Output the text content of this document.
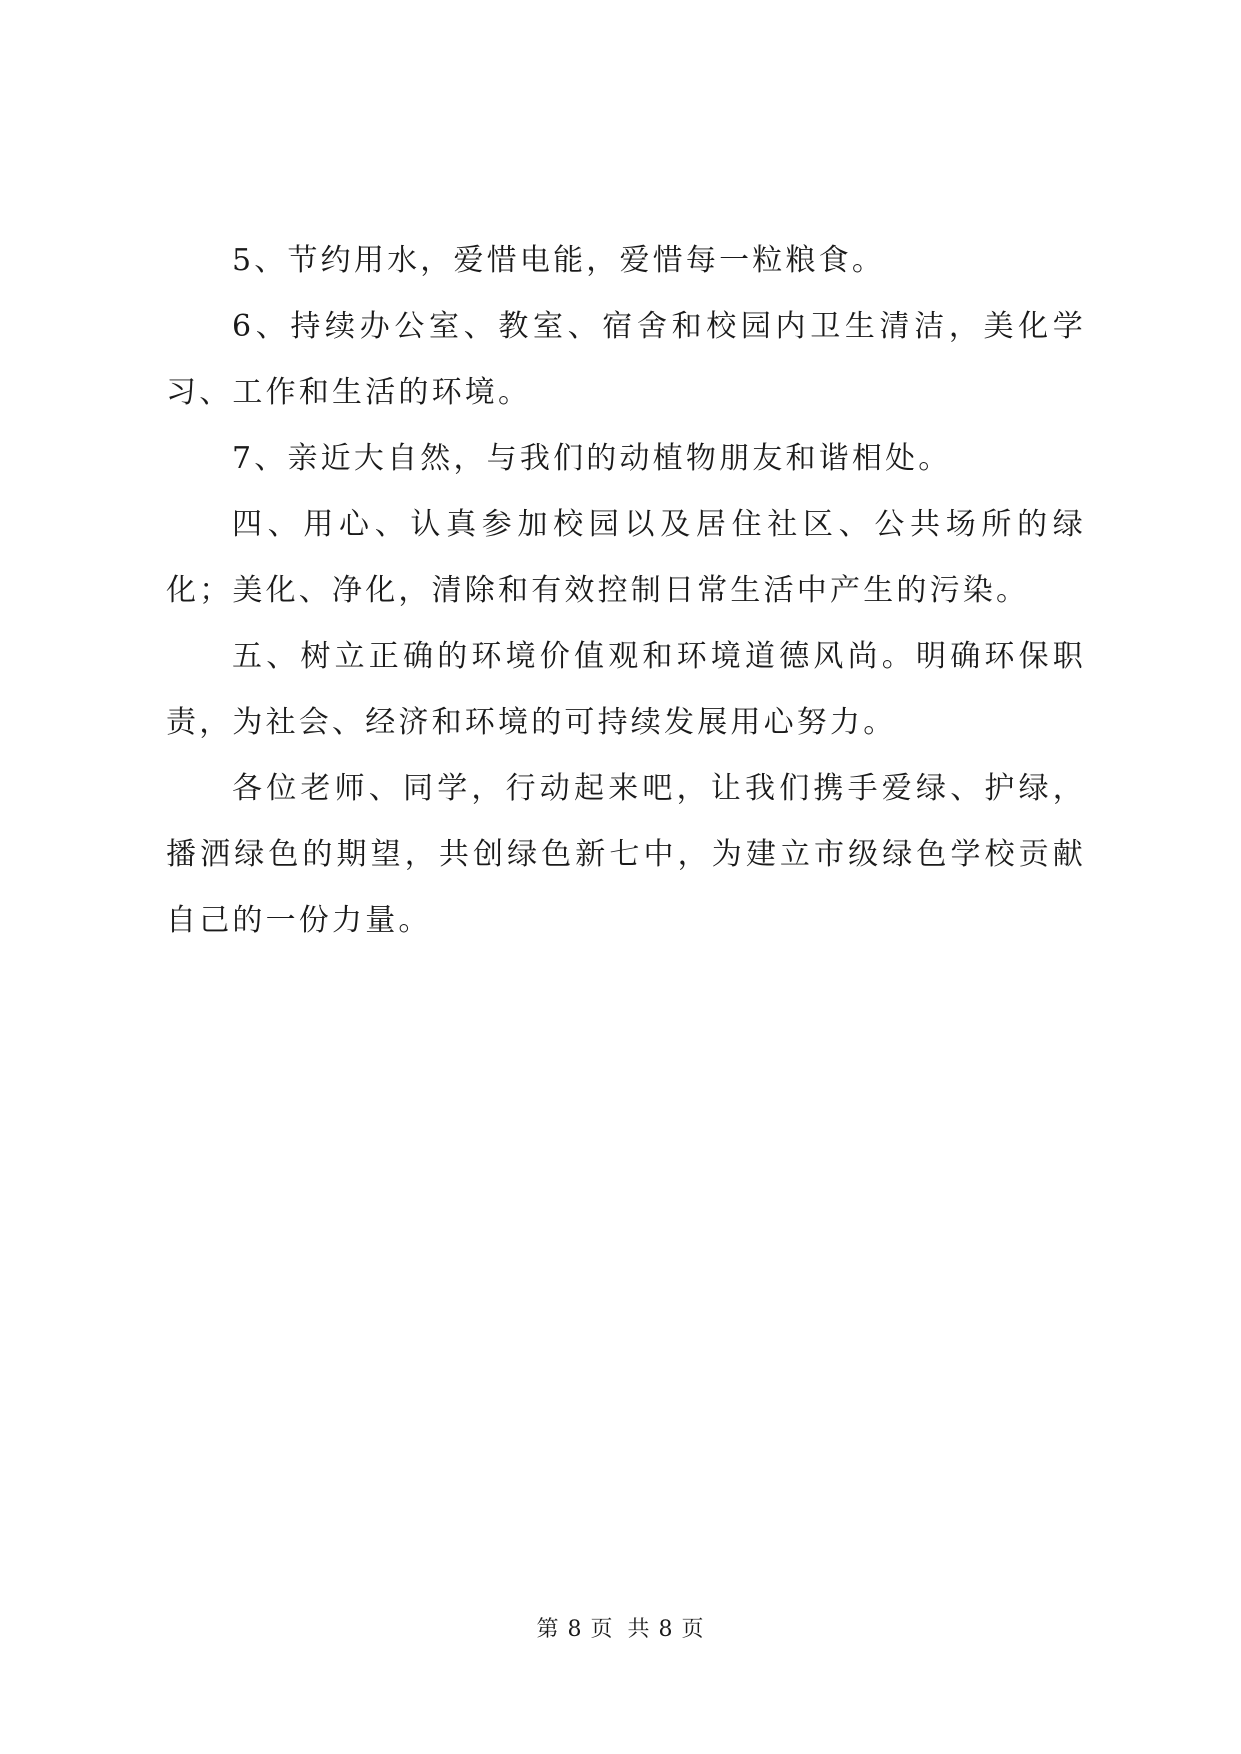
5、节约用水，爱惜电能，爱惜每一粒粮食。

6、持续办公室、教室、宿舍和校园内卫生清洁，美化学习、工作和生活的环境。

7、亲近大自然，与我们的动植物朋友和谐相处。

四、用心、认真参加校园以及居住社区、公共场所的绿化；美化、净化，清除和有效控制日常生活中产生的污染。

五、树立正确的环境价值观和环境道德风尚。明确环保职责，为社会、经济和环境的可持续发展用心努力。

各位老师、同学，行动起来吧，让我们携手爱绿、护绿，播洒绿色的期望，共创绿色新七中，为建立市级绿色学校贡献自己的一份力量。

第 8 页 共 8 页
